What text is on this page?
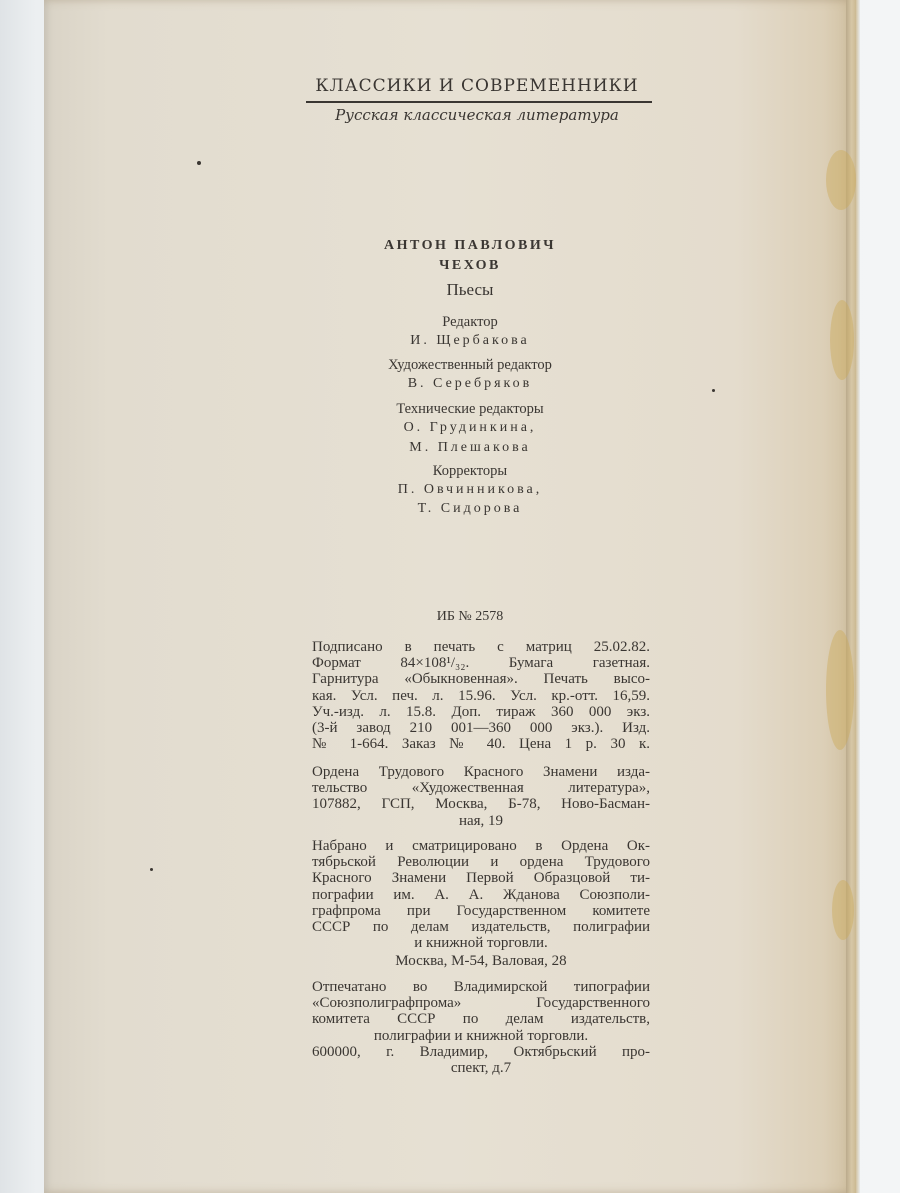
КЛАССИКИ И СОВРЕМЕННИКИ
Русская классическая литература
АНТОН ПАВЛОВИЧ
ЧЕХОВ
Пьесы
Редактор
И. Щербакова
Художественный редактор
В. Серебряков
Технические редакторы
О. Грудинкина,
М. Плешакова
Корректоры
П. Овчинникова,
Т. Сидорова
ИБ № 2578
Подписано в печать с матриц 25.02.82.
Формат 84×108¹/₃₂. Бумага газетная.
Гарнитура «Обыкновенная». Печать высо-
кая. Усл. печ. л. 15.96. Усл. кр.-отт. 16,59.
Уч.-изд. л. 15.8. Доп. тираж 360 000 экз.
(3-й завод 210 001—360 000 экз.). Изд.
№ 1-664. Заказ № 40. Цена 1 р. 30 к.
Ордена Трудового Красного Знамени изда-
тельство «Художественная литература»,
107882, ГСП, Москва, Б-78, Ново-Басман-
ная, 19
Набрано и сматрицировано в Ордена Ок-
тябрьской Революции и ордена Трудового
Красного Знамени Первой Образцовой ти-
пографии им. А. А. Жданова Союзполи-
графпрома при Государственном комитете
СССР по делам издательств, полиграфии
и книжной торговли.
Москва, М-54, Валовая, 28
Отпечатано во Владимирской типографии
«Союзполиграфпрома» Государственного
комитета СССР по делам издательств,
полиграфии и книжной торговли.
600000, г. Владимир, Октябрьский про-
спект, д.7
